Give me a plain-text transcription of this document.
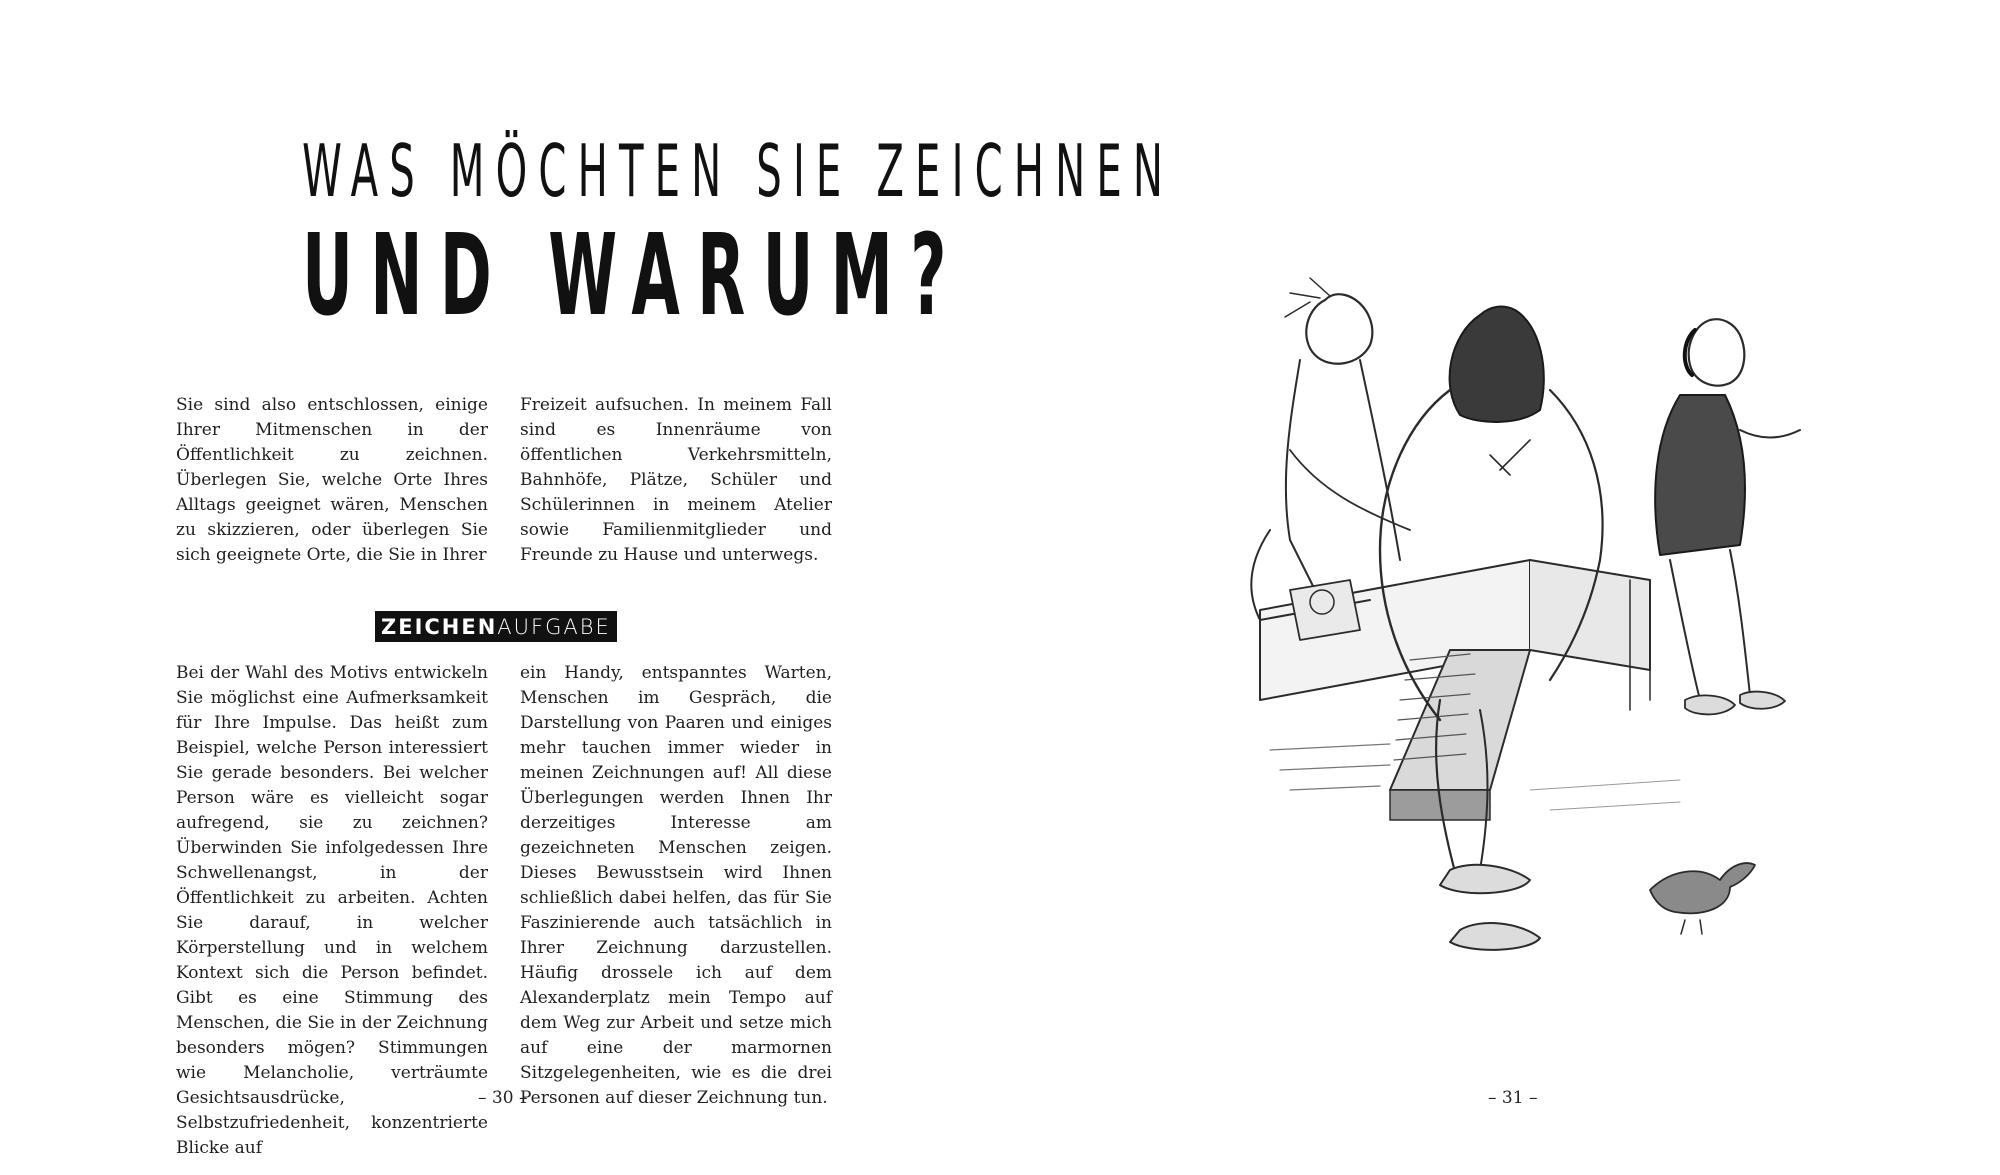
WAS MÖCHTEN SIE ZEICHNEN
UND WARUM?
Sie sind also entschlossen, einige Ihrer Mitmenschen in der Öffentlichkeit zu zeichnen. Überlegen Sie, welche Orte Ihres Alltags geeignet wären, Menschen zu skizzieren, oder überlegen Sie sich geeignete Orte, die Sie in Ihrer
Freizeit aufsuchen. In meinem Fall sind es Innenräume von öffentlichen Verkehrsmitteln, Bahnhöfe, Plätze, Schüler und Schülerinnen in meinem Atelier sowie Familienmitglieder und Freunde zu Hause und unterwegs.
ZEICHEN AUFGABE
Bei der Wahl des Motivs entwickeln Sie möglichst eine Aufmerksamkeit für Ihre Impulse. Das heißt zum Beispiel, welche Person interessiert Sie gerade besonders. Bei welcher Person wäre es vielleicht sogar aufregend, sie zu zeichnen? Überwinden Sie infolgedessen Ihre Schwellenangst, in der Öffentlichkeit zu arbeiten. Achten Sie darauf, in welcher Körperstellung und in welchem Kontext sich die Person befindet. Gibt es eine Stimmung des Menschen, die Sie in der Zeichnung besonders mögen? Stimmungen wie Melancholie, verträumte Gesichtsausdrücke, Selbstzufriedenheit, konzentrierte Blicke auf
ein Handy, entspanntes Warten, Menschen im Gespräch, die Darstellung von Paaren und einiges mehr tauchen immer wieder in meinen Zeichnungen auf! All diese Überlegungen werden Ihnen Ihr derzeitiges Interesse am gezeichneten Menschen zeigen. Dieses Bewusstsein wird Ihnen schließlich dabei helfen, das für Sie Faszinierende auch tatsächlich in Ihrer Zeichnung darzustellen. Häufig drossele ich auf dem Alexanderplatz mein Tempo auf dem Weg zur Arbeit und setze mich auf eine der marmornen Sitzgelegenheiten, wie es die drei Personen auf dieser Zeichnung tun.
– 30 –	– 31 –
